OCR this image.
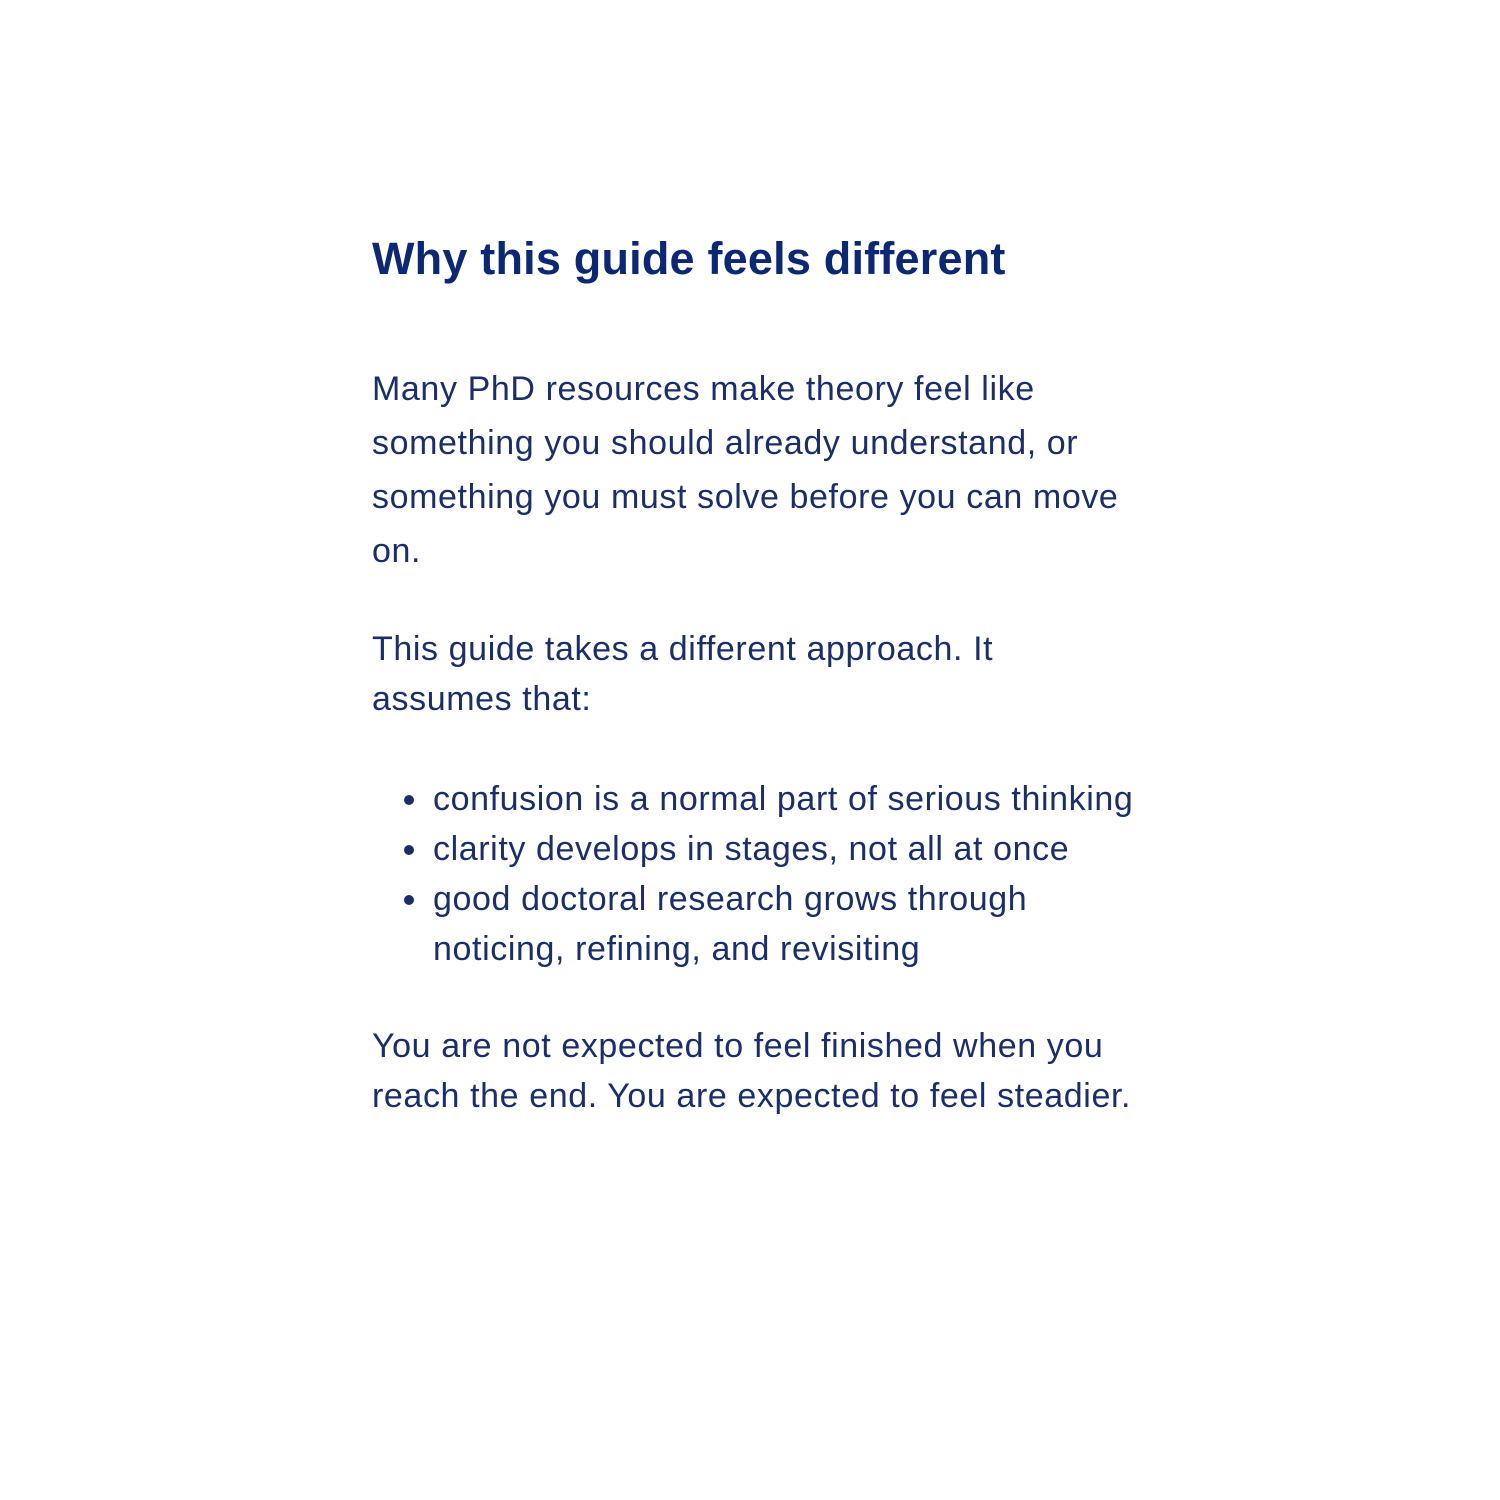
Why this guide feels different

Many PhD resources make theory feel like something you should already understand, or something you must solve before you can move on.

This guide takes a different approach. It assumes that:

confusion is a normal part of serious thinking
clarity develops in stages, not all at once
good doctoral research grows through noticing, refining, and revisiting

You are not expected to feel finished when you reach the end. You are expected to feel steadier.
